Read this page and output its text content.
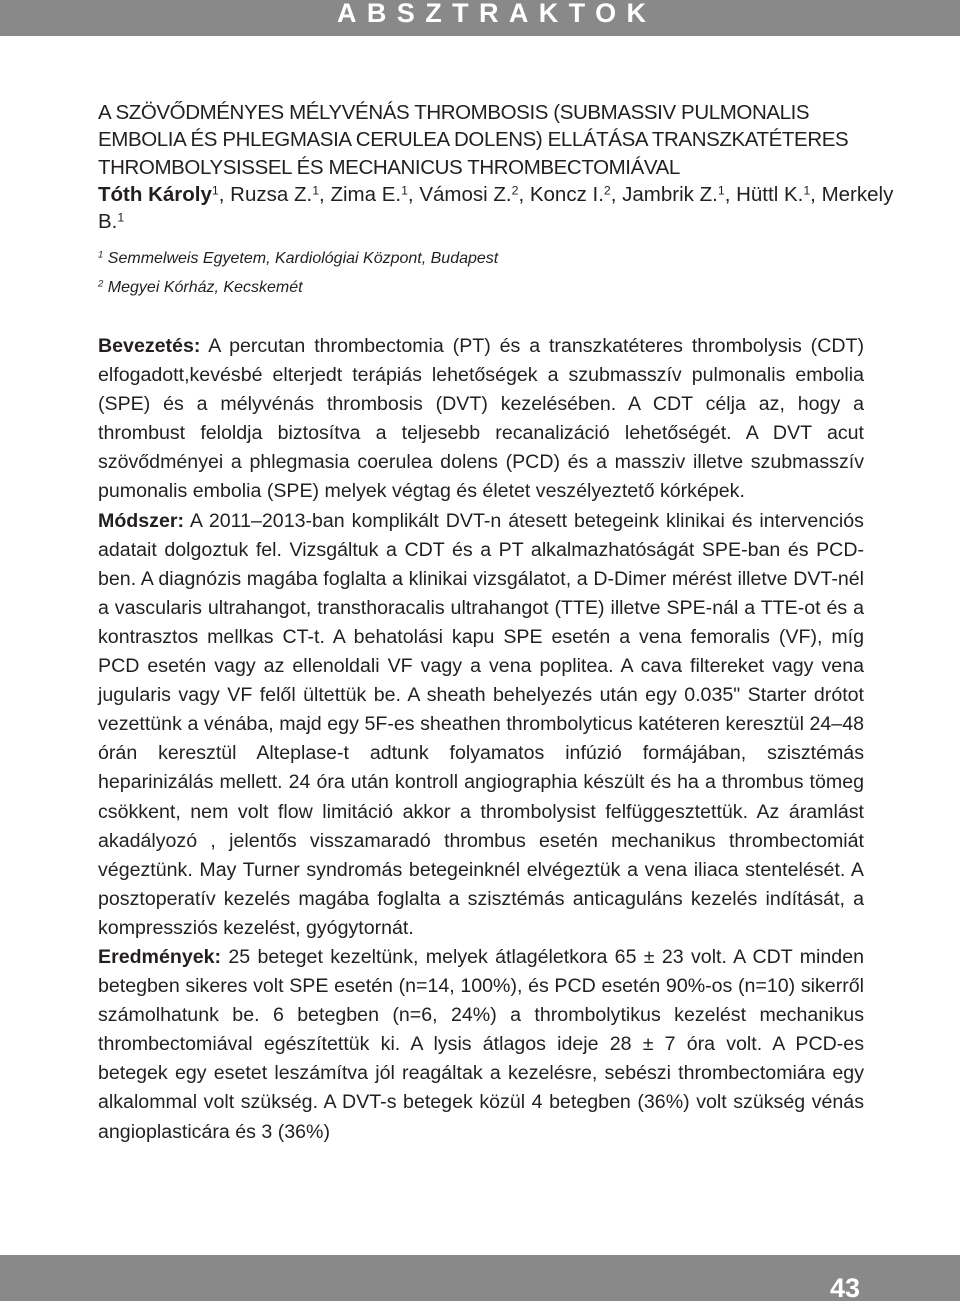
ABSZTRAKTOK
A SZÖVŐDMÉNYES MÉLYVÉNÁS THROMBOSIS (SUBMASSIV PULMONALIS EMBOLIA ÉS PHLEGMASIA CERULEA DOLENS) ELLÁTÁSA TRANSZKATÉTERES THROMBOLYSISSEL ÉS MECHANICUS THROMBECTOMIÁVAL
Tóth Károly$^1$, Ruzsa Z.$^1$, Zima E.$^1$, Vámosi Z.$^2$, Koncz I.$^2$, Jambrik Z.$^1$, Hüttl K.$^1$, Merkely B.$^1$
$^1$ Semmelweis Egyetem, Kardiológiai Központ, Budapest
$^2$ Megyei Kórház, Kecskemét

Bevezetés: A percutan thrombectomia (PT) és a transzkatéteres thrombolysis (CDT) elfogadott,kevésbé elterjedt terápiás lehetőségek a szubmasszív pulmonalis embolia (SPE) és a mélyvénás thrombosis (DVT) kezelésében. A CDT célja az, hogy a thrombust feloldja biztosítva a teljesebb recanalizáció lehetőségét. A DVT acut szövődményei a phlegmasia coerulea dolens (PCD) és a massziv illetve szubmasszív pumonalis embolia (SPE) melyek végtag és életet veszélyeztető kórképek.

Módszer: A 2011–2013-ban komplikált DVT-n átesett betegeink klinikai és intervenciós adatait dolgoztuk fel. Vizsgáltuk a CDT és a PT alkalmazhatóságát SPE-ban és PCD-ben. A diagnózis magába foglalta a klinikai vizsgálatot, a D-Dimer mérést illetve DVT-nél a vascularis ultrahangot, transthoracalis ultrahangot (TTE) illetve SPE-nál a TTE-ot és a kontrasztos mellkas CT-t. A behatolási kapu SPE esetén a vena femoralis (VF), míg PCD esetén vagy az ellenoldali VF vagy a vena poplitea. A cava filtereket vagy vena jugularis vagy VF felől ültettük be. A sheath behelyezés után egy 0.035" Starter drótot vezettünk a vénába, majd egy 5F-es sheathen thrombolyticus katéteren keresztül 24–48 órán keresztül Alteplase-t adtunk folyamatos infúzió formájában, szisztémás heparinizálás mellett. 24 óra után kontroll angiographia készült és ha a thrombus tömeg csökkent, nem volt flow limitáció akkor a thrombolysist felfüggesztettük. Az áramlást akadályozó , jelentős visszamaradó thrombus esetén mechanikus thrombectomiát végeztünk. May Turner syndromás betegeinknél elvégeztük a vena iliaca stentelését. A posztoperatív kezelés magába foglalta a szisztémás anticaguláns kezelés indítását, a kompressziós kezelést, gyógytornát.

Eredmények: 25 beteget kezeltünk, melyek átlagéletkora 65 ± 23 volt. A CDT minden betegben sikeres volt SPE esetén (n=14, 100%), és PCD esetén 90%-os (n=10) sikerről számolhatunk be. 6 betegben (n=6, 24%) a thrombolytikus kezelést mechanikus thrombectomiával egészítettük ki. A lysis átlagos ideje 28 ± 7 óra volt. A PCD-es betegek egy esetet leszámítva jól reagáltak a kezelésre, sebészi thrombectomiára egy alkalommal volt szükség. A DVT-s betegek közül 4 betegben (36%) volt szükség vénás angioplasticára és 3 (36%)

43
